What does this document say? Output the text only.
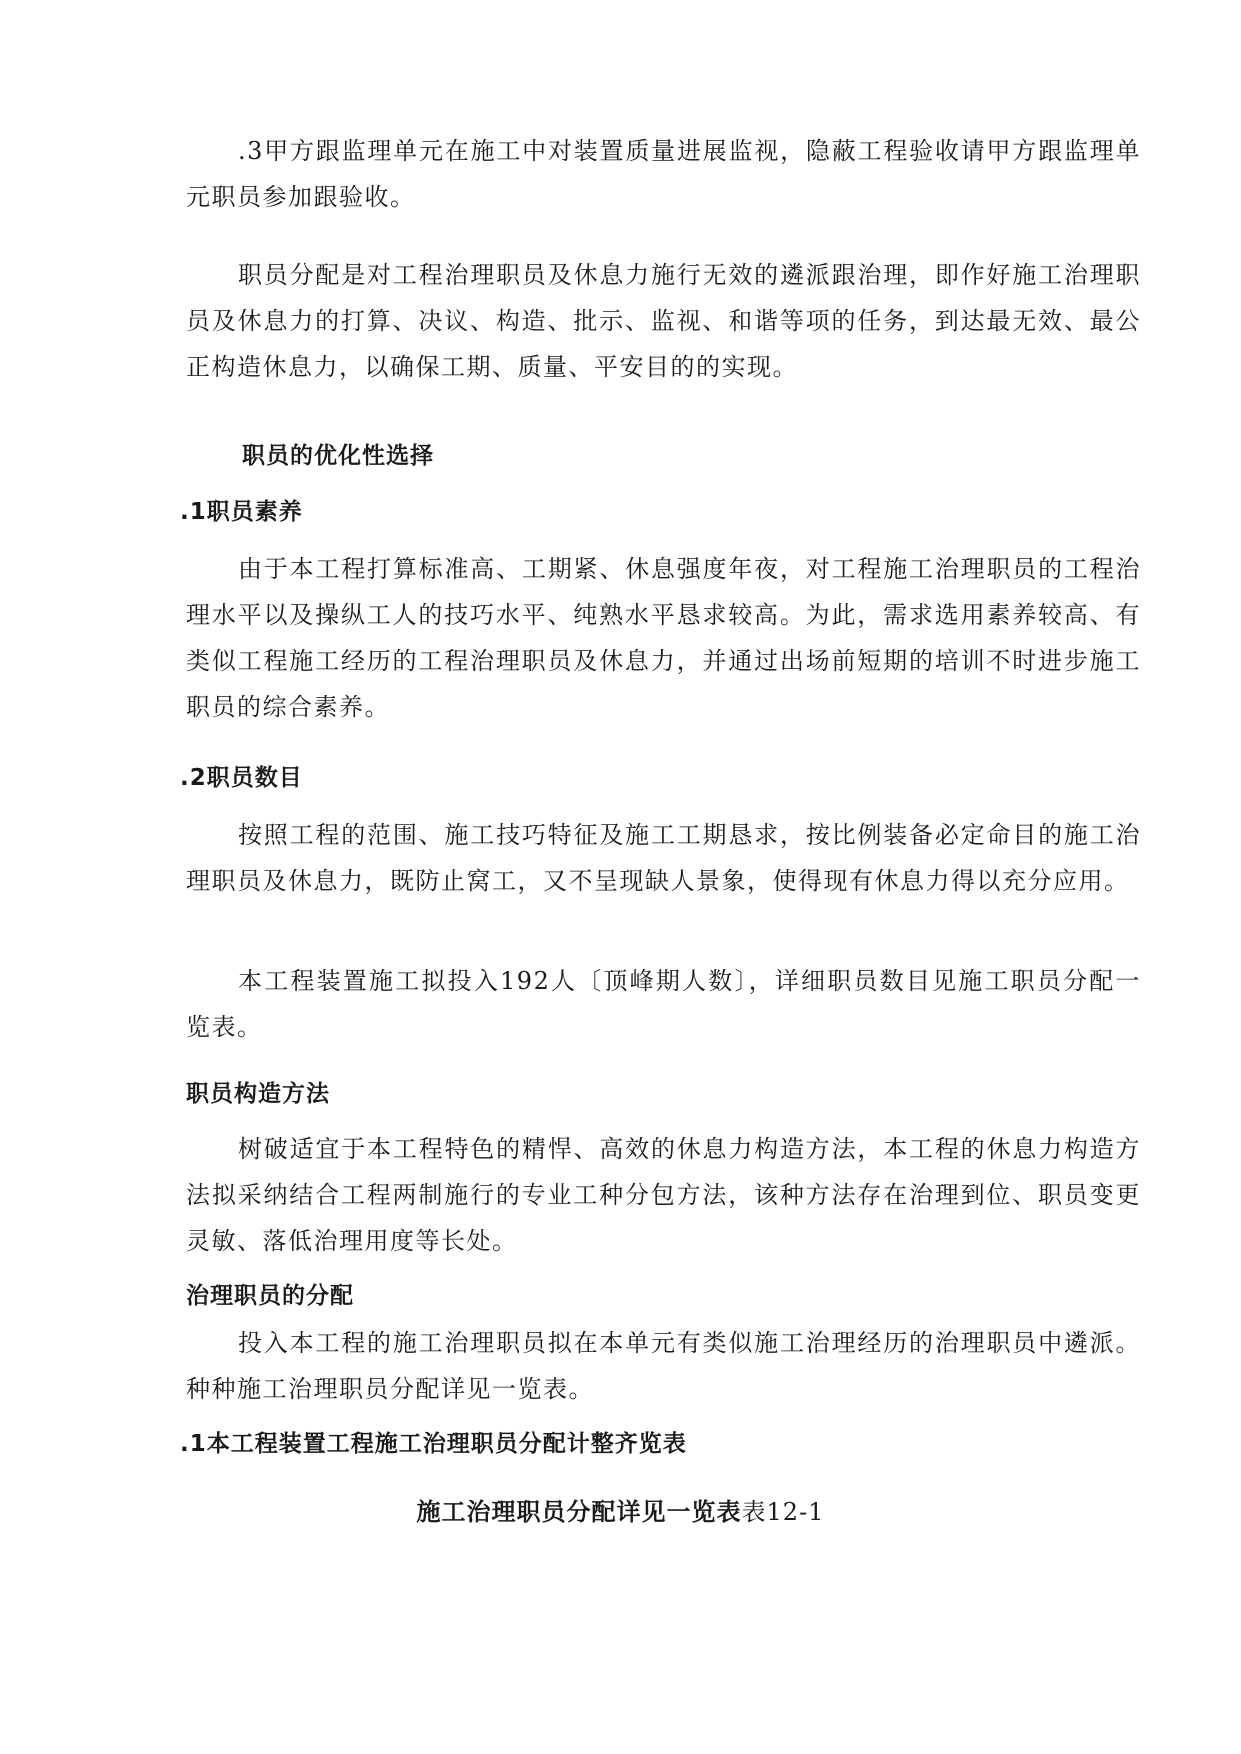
.3甲方跟监理单元在施工中对装置质量进展监视，隐蔽工程验收请甲方跟监理单元职员参加跟验收。

职员分配是对工程治理职员及休息力施行无效的遴派跟治理，即作好施工治理职员及休息力的打算、决议、构造、批示、监视、和谐等项的任务，到达最无效、最公正构造休息力，以确保工期、质量、平安目的的实现。

职员的优化性选择
.1职员素养

由于本工程打算标准高、工期紧、休息强度年夜，对工程施工治理职员的工程治理水平以及操纵工人的技巧水平、纯熟水平恳求较高。为此，需求选用素养较高、有类似工程施工经历的工程治理职员及休息力，并通过出场前短期的培训不时进步施工职员的综合素养。

.2职员数目

按照工程的范围、施工技巧特征及施工工期恳求，按比例装备必定命目的施工治理职员及休息力，既防止窝工，又不呈现缺人景象，使得现有休息力得以充分应用。

本工程装置施工拟投入192人〔顶峰期人数〕，详细职员数目见施工职员分配一览表。

职员构造方法

树破适宜于本工程特色的精悍、高效的休息力构造方法，本工程的休息力构造方法拟采纳结合工程两制施行的专业工种分包方法，该种方法存在治理到位、职员变更灵敏、落低治理用度等长处。

治理职员的分配

投入本工程的施工治理职员拟在本单元有类似施工治理经历的治理职员中遴派。种种施工治理职员分配详见一览表。

.1本工程装置工程施工治理职员分配计整齐览表

施工治理职员分配详见一览表表12-1
